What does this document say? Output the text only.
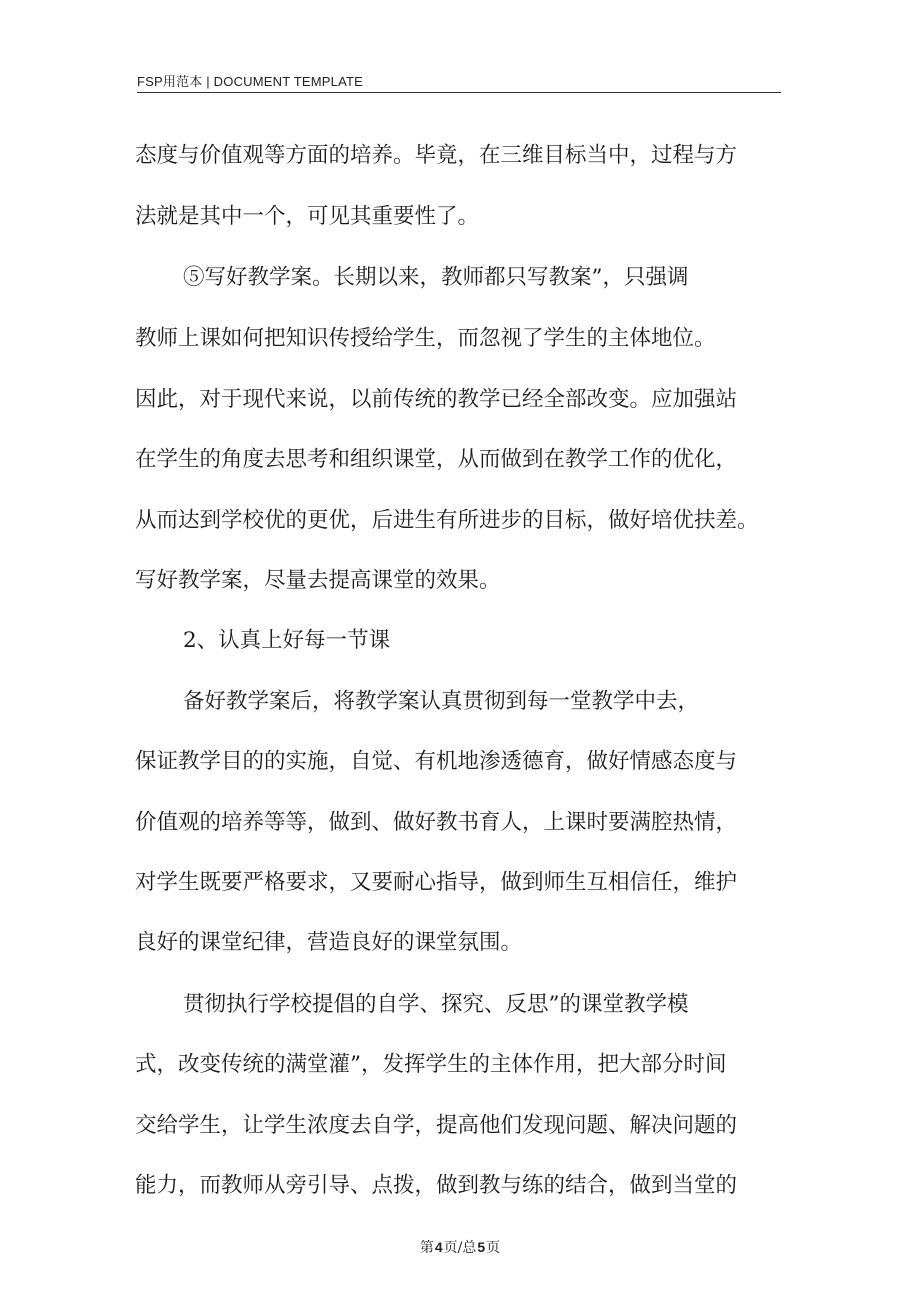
FSP用范本 | DOCUMENT TEMPLATE
态度与价值观等方面的培养。毕竟，在三维目标当中，过程与方
法就是其中一个，可见其重要性了。
⑤写好教学案。长期以来，教师都只写教案”，只强调
教师上课如何把知识传授给学生，而忽视了学生的主体地位。
因此，对于现代来说，以前传统的教学已经全部改变。应加强站
在学生的角度去思考和组织课堂，从而做到在教学工作的优化，
从而达到学校优的更优，后进生有所进步的目标，做好培优扶差。
写好教学案，尽量去提高课堂的效果。
2、认真上好每一节课
备好教学案后，将教学案认真贯彻到每一堂教学中去，
保证教学目的的实施，自觉、有机地渗透德育，做好情感态度与
价值观的培养等等，做到、做好教书育人，上课时要满腔热情，
对学生既要严格要求，又要耐心指导，做到师生互相信任，维护
良好的课堂纪律，营造良好的课堂氛围。
贯彻执行学校提倡的自学、探究、反思”的课堂教学模
式，改变传统的满堂灌”，发挥学生的主体作用，把大部分时间
交给学生，让学生浓度去自学，提高他们发现问题、解决问题的
能力，而教师从旁引导、点拨，做到教与练的结合，做到当堂的
第4页/总5页
